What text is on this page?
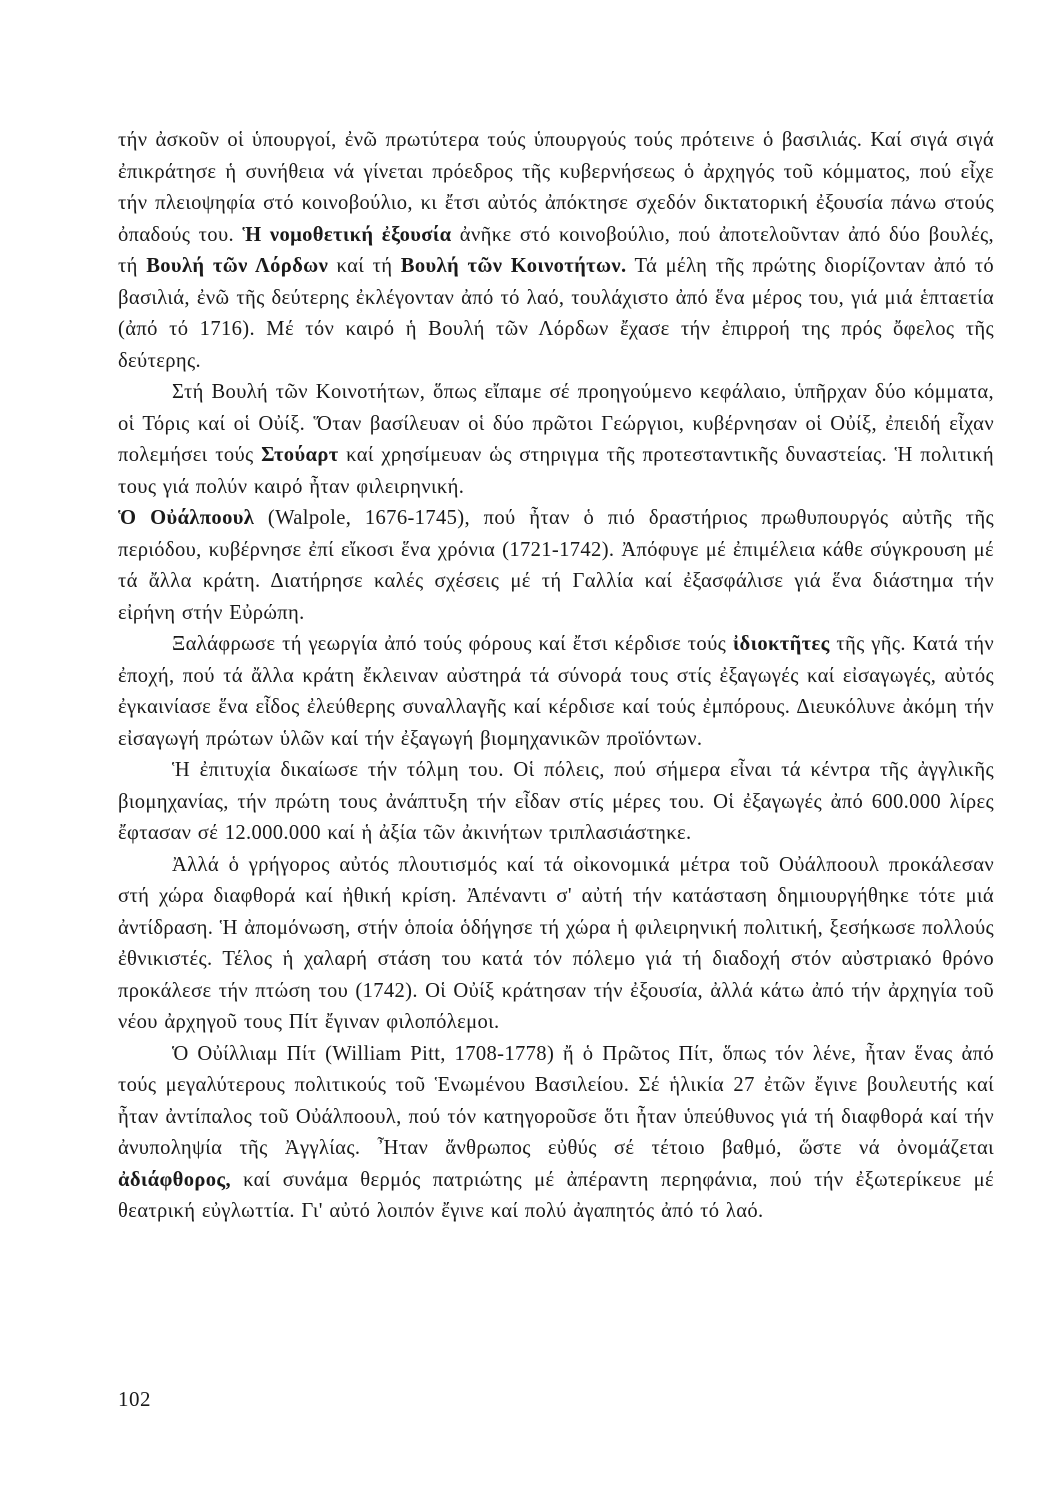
τήν ἀσκοῦν οἱ ὑπουργοί, ἐνῶ πρωτύτερα τούς ὑπουργούς τούς πρότεινε ὁ βασιλιάς. Καί σιγά σιγά ἐπικράτησε ἡ συνήθεια νά γίνεται πρόεδρος τῆς κυβερνήσεως ὁ ἀρχηγός τοῦ κόμματος, πού εἶχε τήν πλειοψηφία στό κοινοβούλιο, κι ἔτσι αὐτός ἀπόκτησε σχεδόν δικτατορική ἐξουσία πάνω στούς ὀπαδούς του. Ἡ νομοθετική ἐξουσία ἀνῆκε στό κοινοβούλιο, πού ἀποτελοῦνταν ἀπό δύο βουλές, τή Βουλή τῶν Λόρδων καί τή Βουλή τῶν Κοινοτήτων. Τά μέλη τῆς πρώτης διορίζονταν ἀπό τό βασιλιά, ἐνῶ τῆς δεύτερης ἐκλέγονταν ἀπό τό λαό, τουλάχιστο ἀπό ἕνα μέρος του, γιά μιά ἑπταετία (ἀπό τό 1716). Μέ τόν καιρό ἡ Βουλή τῶν Λόρδων ἔχασε τήν ἐπιρροή της πρός ὄφελος τῆς δεύτερης.

Στή Βουλή τῶν Κοινοτήτων, ὅπως εἴπαμε σέ προηγούμενο κεφάλαιο, ὑπῆρχαν δύο κόμματα, οἱ Τόρις καί οἱ Οὐίξ. Ὅταν βασίλευαν οἱ δύο πρῶτοι Γεώργιοι, κυβέρνησαν οἱ Οὐίξ, ἐπειδή εἶχαν πολεμήσει τούς Στούαρτ καί χρησίμευαν ὡς στηριγμα τῆς προτεσταντικῆς δυναστείας. Ἡ πολιτική τους γιά πολύν καιρό ἦταν φιλειρηνική.

Ὁ Οὐάλποουλ (Walpole, 1676-1745), πού ἦταν ὁ πιό δραστήριος πρωθυπουργός αὐτῆς τῆς περιόδου, κυβέρνησε ἐπί εἴκοσι ἕνα χρόνια (1721-1742). Ἀπόφυγε μέ ἐπιμέλεια κάθε σύγκρουση μέ τά ἄλλα κράτη. Διατήρησε καλές σχέσεις μέ τή Γαλλία καί ἐξασφάλισε γιά ἕνα διάστημα τήν εἰρήνη στήν Εὐρώπη.

Ξαλάφρωσε τή γεωργία ἀπό τούς φόρους καί ἔτσι κέρδισε τούς ἰδιοκτῆτες τῆς γῆς. Κατά τήν ἐποχή, πού τά ἄλλα κράτη ἔκλειναν αὐστηρά τά σύνορά τους στίς ἐξαγωγές καί εἰσαγωγές, αὐτός ἐγκαινίασε ἕνα εἶδος ἐλεύθερης συναλλαγῆς καί κέρδισε καί τούς ἐμπόρους. Διευκόλυνε ἀκόμη τήν εἰσαγωγή πρώτων ὑλῶν καί τήν ἐξαγωγή βιομηχανικῶν προϊόντων.

Ἡ ἐπιτυχία δικαίωσε τήν τόλμη του. Οἱ πόλεις, πού σήμερα εἶναι τά κέντρα τῆς ἀγγλικῆς βιομηχανίας, τήν πρώτη τους ἀνάπτυξη τήν εἶδαν στίς μέρες του. Οἱ ἐξαγωγές ἀπό 600.000 λίρες ἔφτασαν σέ 12.000.000 καί ἡ ἀξία τῶν ἀκινήτων τριπλασιάστηκε.

Ἀλλά ὁ γρήγορος αὐτός πλουτισμός καί τά οἰκονομικά μέτρα τοῦ Οὐάλποουλ προκάλεσαν στή χώρα διαφθορά καί ἠθική κρίση. Ἀπέναντι σ' αὐτή τήν κατάσταση δημιουργήθηκε τότε μιά ἀντίδραση. Ἡ ἀπομόνωση, στήν ὁποία ὁδήγησε τή χώρα ἡ φιλειρηνική πολιτική, ξεσήκωσε πολλούς ἐθνικιστές. Τέλος ἡ χαλαρή στάση του κατά τόν πόλεμο γιά τή διαδοχή στόν αὐστριακό θρόνο προκάλεσε τήν πτώση του (1742). Οἱ Οὐίξ κράτησαν τήν ἐξουσία, ἀλλά κάτω ἀπό τήν ἀρχηγία τοῦ νέου ἀρχηγοῦ τους Πίτ ἔγιναν φιλοπόλεμοι.

Ὁ Οὐίλλιαμ Πίτ (William Pitt, 1708-1778) ἤ ὁ Πρῶτος Πίτ, ὅπως τόν λένε, ἦταν ἕνας ἀπό τούς μεγαλύτερους πολιτικούς τοῦ Ἑνωμένου Βασιλείου. Σέ ἡλικία 27 ἐτῶν ἔγινε βουλευτής καί ἦταν ἀντίπαλος τοῦ Οὐάλποουλ, πού τόν κατηγοροῦσε ὅτι ἦταν ὑπεύθυνος γιά τή διαφθορά καί τήν ἀνυποληψία τῆς Ἀγγλίας. Ἦταν ἄνθρωπος εὐθύς σέ τέτοιο βαθμό, ὥστε νά ὀνομάζεται ἀδιάφθορος, καί συνάμα θερμός πατριώτης μέ ἀπέραντη περηφάνια, πού τήν ἐξωτερίκευε μέ θεατρική εὐγλωττία. Γι' αὐτό λοιπόν ἔγινε καί πολύ ἀγαπητός ἀπό τό λαό.

102
